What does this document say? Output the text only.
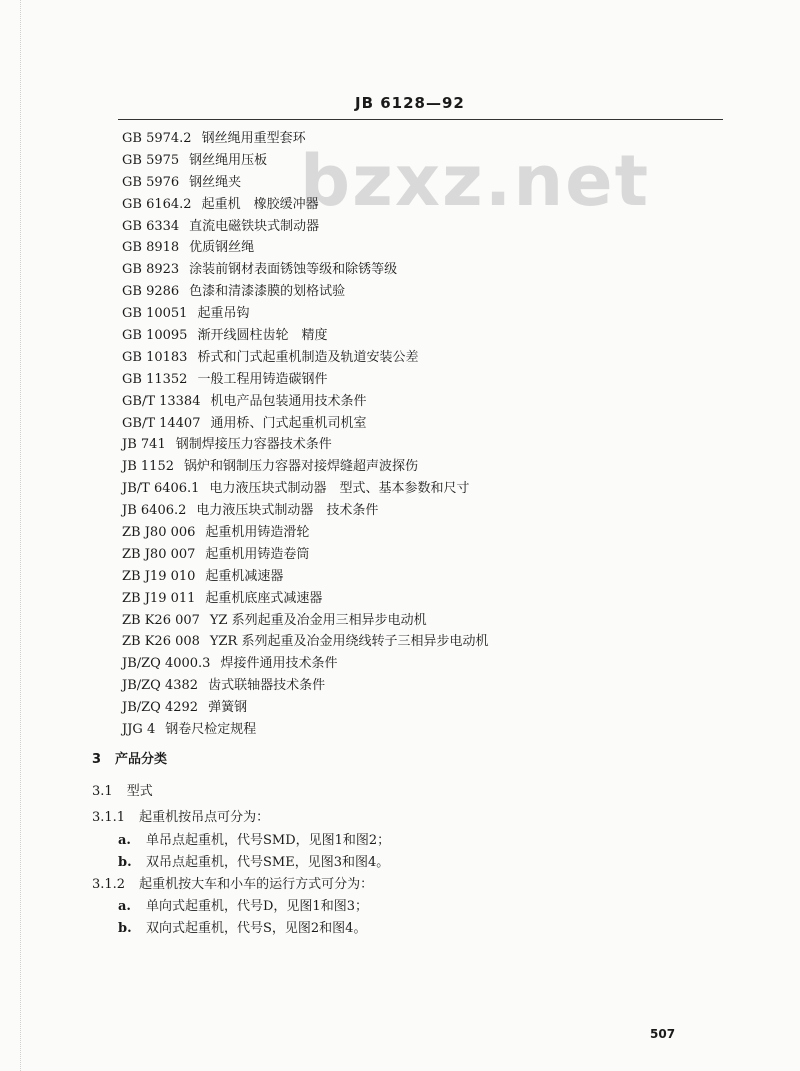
JB 6128—92
bzxz.net
GB 5974.2 钢丝绳用重型套环
GB 5975 钢丝绳用压板
GB 5976 钢丝绳夹
GB 6164.2 起重机　橡胶缓冲器
GB 6334 直流电磁铁块式制动器
GB 8918 优质钢丝绳
GB 8923 涂装前钢材表面锈蚀等级和除锈等级
GB 9286 色漆和清漆漆膜的划格试验
GB 10051 起重吊钩
GB 10095 渐开线圆柱齿轮　精度
GB 10183 桥式和门式起重机制造及轨道安装公差
GB 11352 一般工程用铸造碳钢件
GB/T 13384 机电产品包装通用技术条件
GB/T 14407 通用桥、门式起重机司机室
JB 741 钢制焊接压力容器技术条件
JB 1152 锅炉和钢制压力容器对接焊缝超声波探伤
JB/T 6406.1 电力液压块式制动器　型式、基本参数和尺寸
JB 6406.2 电力液压块式制动器　技术条件
ZB J80 006 起重机用铸造滑轮
ZB J80 007 起重机用铸造卷筒
ZB J19 010 起重机减速器
ZB J19 011 起重机底座式减速器
ZB K26 007 YZ 系列起重及冶金用三相异步电动机
ZB K26 008 YZR 系列起重及冶金用绕线转子三相异步电动机
JB/ZQ 4000.3 焊接件通用技术条件
JB/ZQ 4382 齿式联轴器技术条件
JB/ZQ 4292 弹簧钢
JJG 4 钢卷尺检定规程
3 产品分类
3.1 型式
3.1.1 起重机按吊点可分为：
a. 单吊点起重机，代号SMD，见图1和图2；
b. 双吊点起重机，代号SME，见图3和图4。
3.1.2 起重机按大车和小车的运行方式可分为：
a. 单向式起重机，代号D，见图1和图3；
b. 双向式起重机，代号S，见图2和图4。
507
